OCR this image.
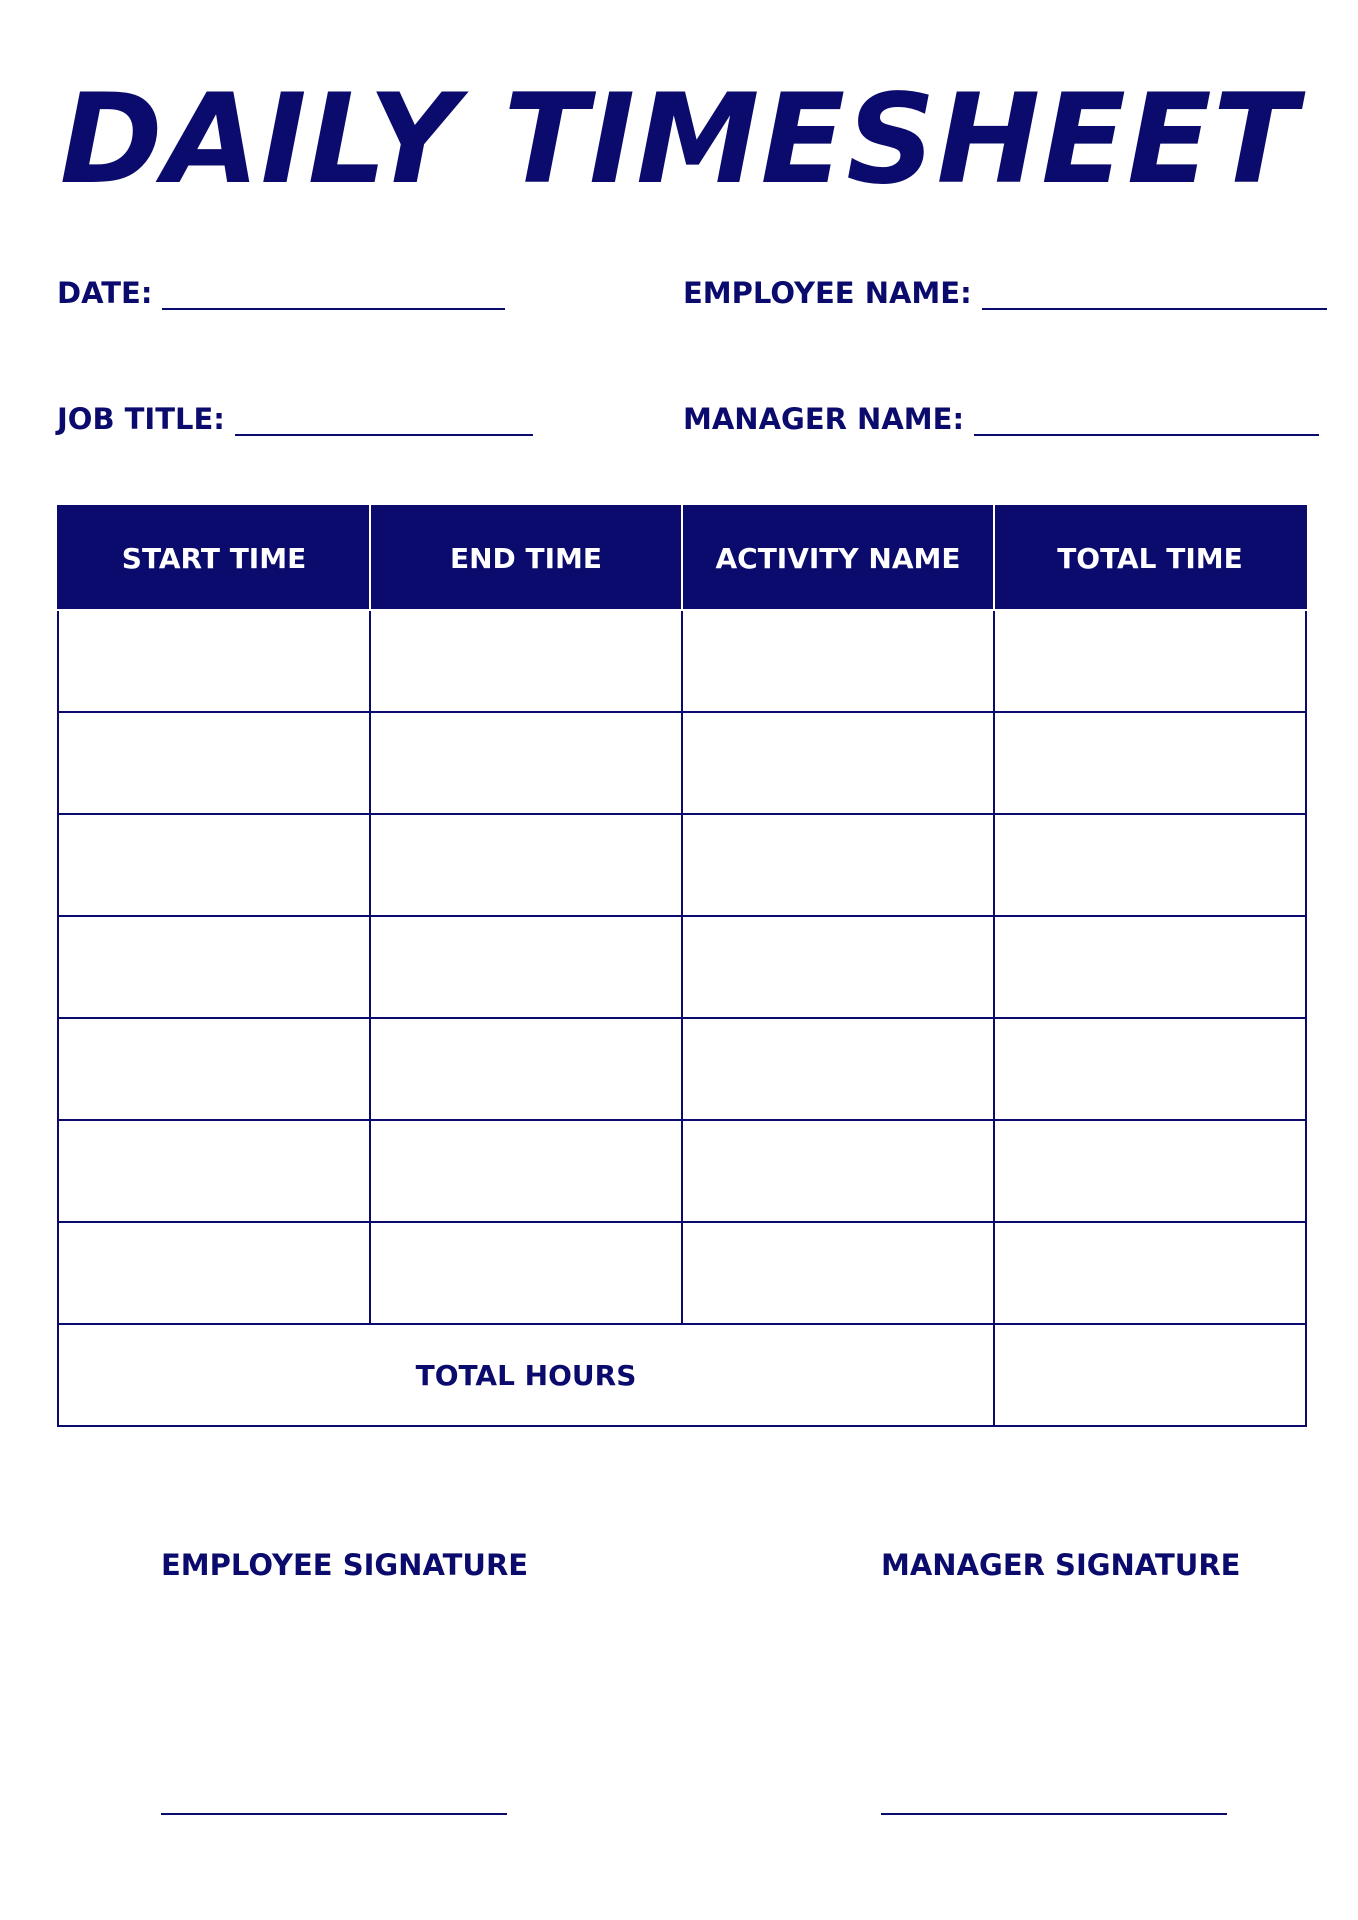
DAILY TIMESHEET
DATE:	EMPLOYEE NAME:
JOB TITLE:	MANAGER NAME:
START TIME	END TIME	ACTIVITY NAME	TOTAL TIME

TOTAL HOURS			
EMPLOYEE SIGNATURE	MANAGER SIGNATURE
